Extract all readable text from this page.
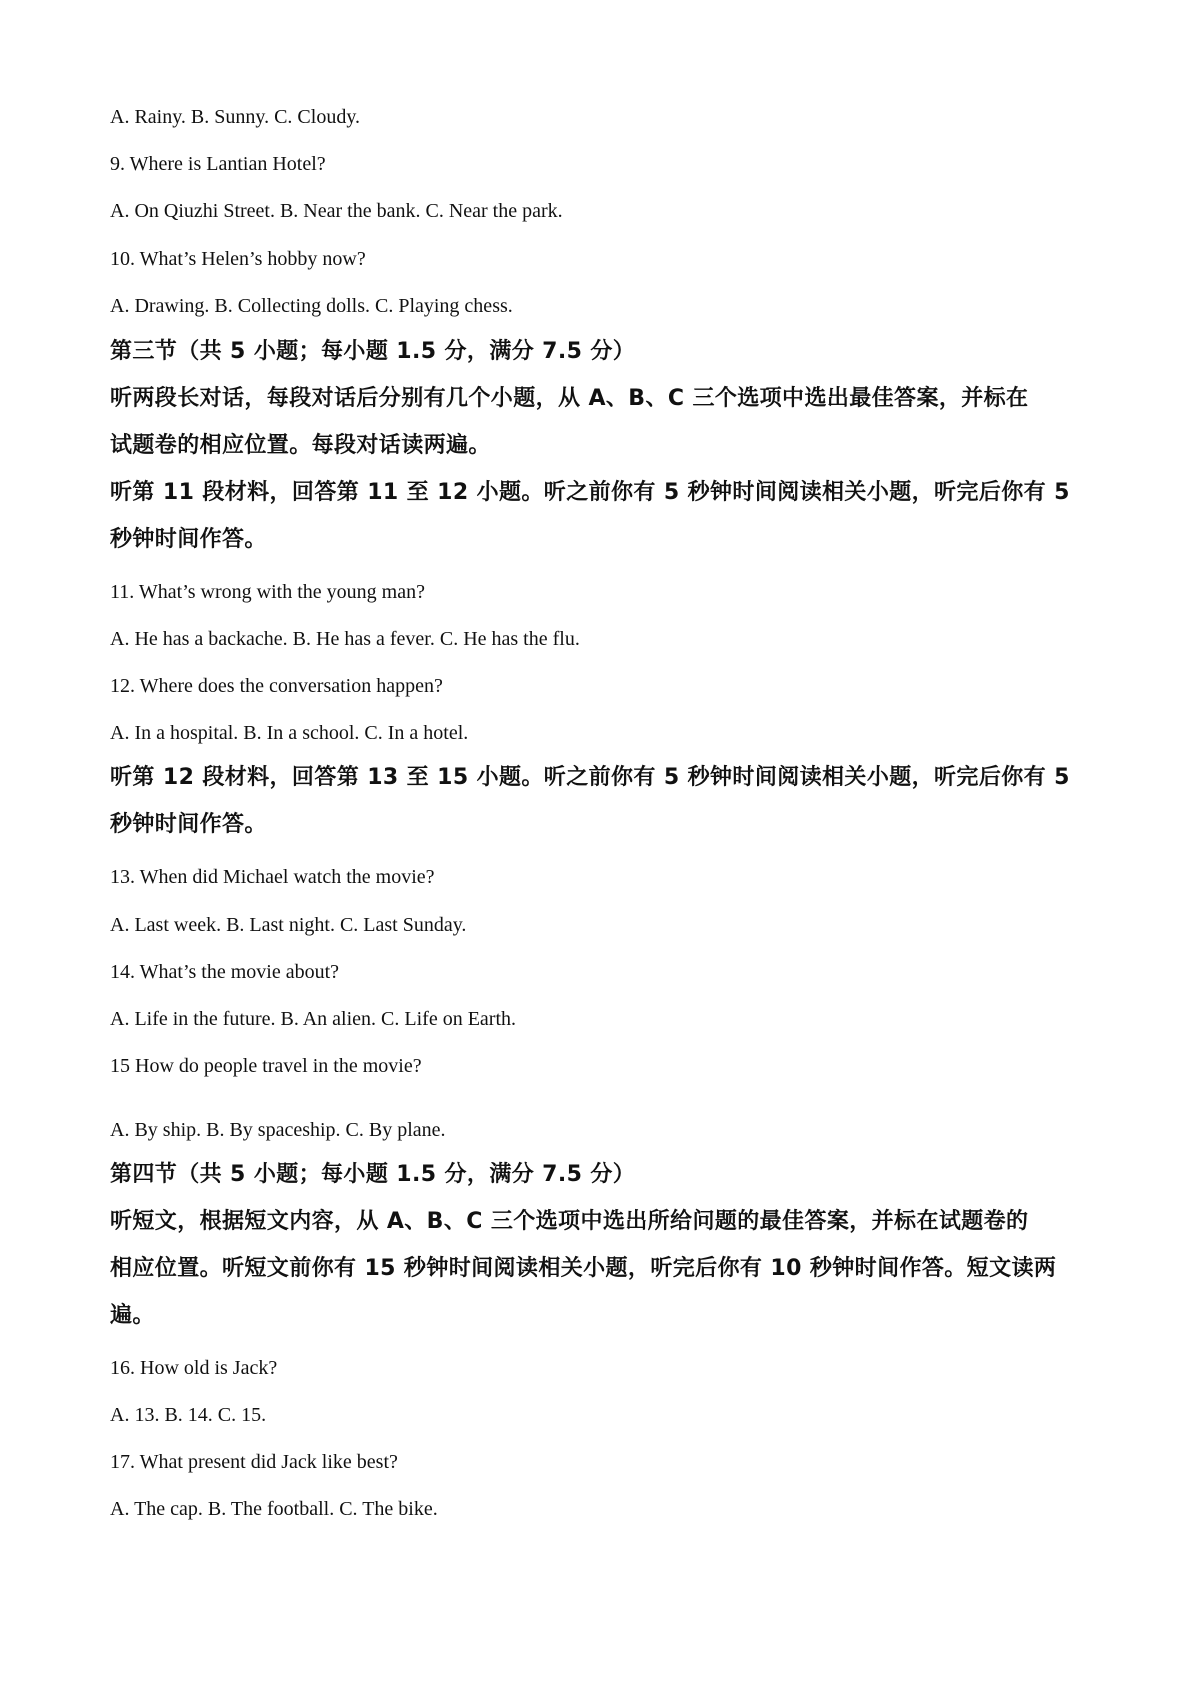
A. Rainy. B. Sunny. C. Cloudy.

9. Where is Lantian Hotel?

A. On Qiuzhi Street. B. Near the bank. C. Near the park.

10. What’s Helen’s hobby now?

A. Drawing. B. Collecting dolls. C. Playing chess.

第三节（共 5 小题；每小题 1.5 分，满分 7.5 分）

听两段长对话，每段对话后分别有几个小题，从 A、B、C 三个选项中选出最佳答案，并标在

试题卷的相应位置。每段对话读两遍。

听第 11 段材料，回答第 11 至 12 小题。听之前你有 5 秒钟时间阅读相关小题，听完后你有 5

秒钟时间作答。

11. What’s wrong with the young man?

A. He has a backache. B. He has a fever. C. He has the flu.

12. Where does the conversation happen?

A. In a hospital. B. In a school. C. In a hotel.

听第 12 段材料，回答第 13 至 15 小题。听之前你有 5 秒钟时间阅读相关小题，听完后你有 5

秒钟时间作答。

13. When did Michael watch the movie?

A. Last week. B. Last night. C. Last Sunday.

14. What’s the movie about?

A. Life in the future. B. An alien. C. Life on Earth.

15 How do people travel in the movie?

A. By ship. B. By spaceship. C. By plane.

第四节（共 5 小题；每小题 1.5 分，满分 7.5 分）

听短文，根据短文内容，从 A、B、C 三个选项中选出所给问题的最佳答案，并标在试题卷的

相应位置。听短文前你有 15 秒钟时间阅读相关小题，听完后你有 10 秒钟时间作答。短文读两

遍。

16. How old is Jack?

A. 13. B. 14. C. 15.

17. What present did Jack like best?

A. The cap. B. The football. C. The bike.
